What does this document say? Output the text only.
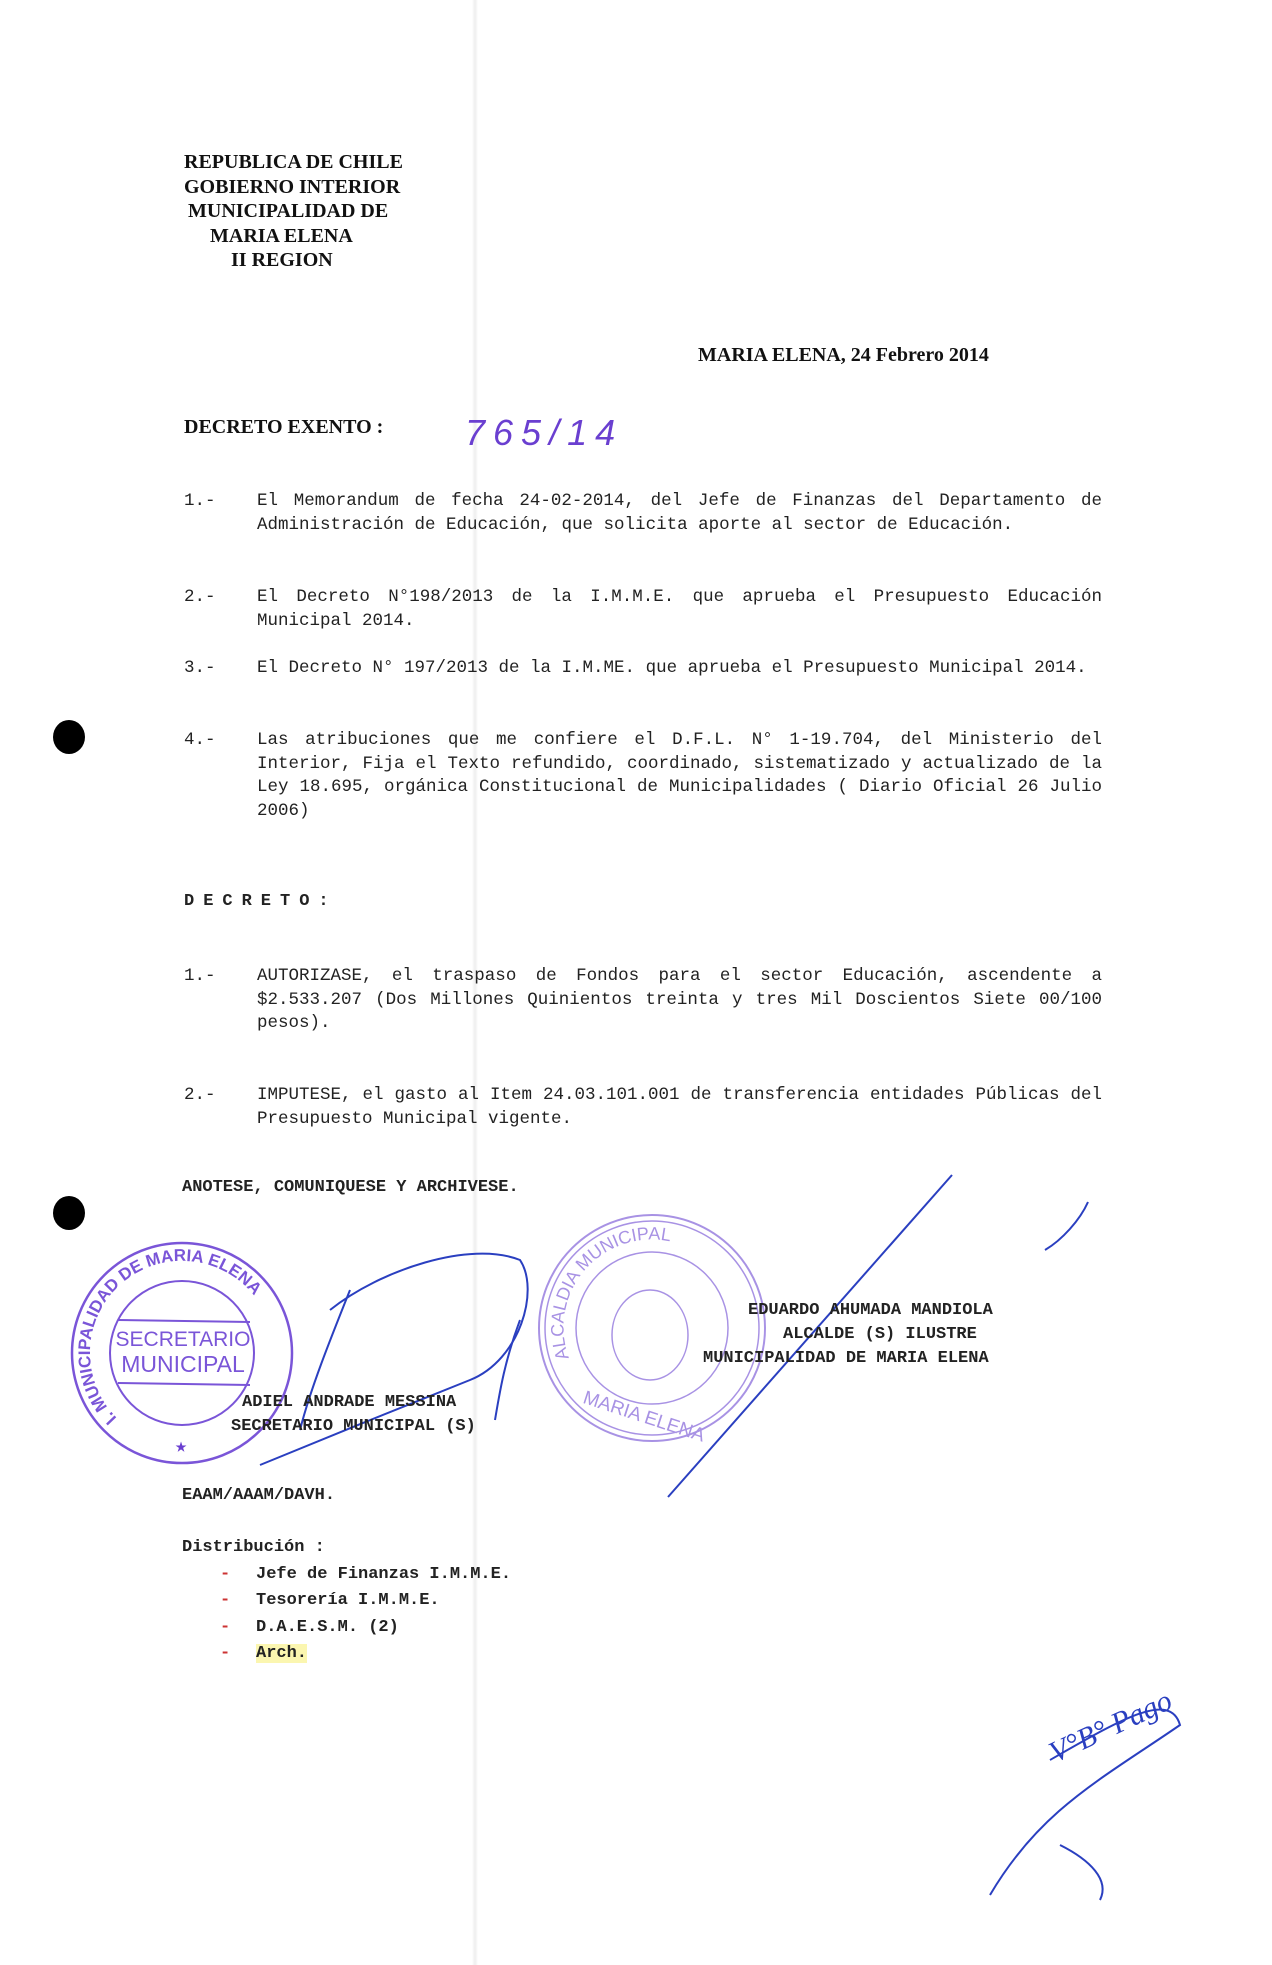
REPUBLICA DE CHILE
GOBIERNO INTERIOR
MUNICIPALIDAD DE
MARIA ELENA
II REGION
MARIA ELENA, 24 Febrero 2014
DECRETO EXENTO : 765/14
1.- El Memorandum de fecha 24-02-2014, del Jefe de Finanzas del Departamento de Administración de Educación, que solicita aporte al sector de Educación.
2.- El Decreto N°198/2013 de la I.M.M.E. que aprueba el Presupuesto Educación Municipal 2014.
3.- El Decreto N° 197/2013 de la I.M.ME. que aprueba el Presupuesto Municipal 2014.
4.- Las atribuciones que me confiere el D.F.L. N° 1-19.704, del Ministerio del Interior, Fija el Texto refundido, coordinado, sistematizado y actualizado de la Ley 18.695, orgánica Constitucional de Municipalidades ( Diario Oficial 26 Julio 2006)
DECRETO:
1.- AUTORIZASE, el traspaso de Fondos para el sector Educación, ascendente a $2.533.207 (Dos Millones Quinientos treinta y tres Mil Doscientos Siete 00/100 pesos).
2.- IMPUTESE, el gasto al Item 24.03.101.001 de transferencia entidades Públicas del Presupuesto Municipal vigente.
ANOTESE, COMUNIQUESE Y ARCHIVESE.
I. MUNICIPALIDAD DE MARIA ELENA
SECRETARIO
MUNICIPAL
★
ALCALDIA MUNICIPAL
MARIA ELENA
V°B° Pago
ADIEL ANDRADE MESSINA
SECRETARIO MUNICIPAL (S)
EDUARDO AHUMADA MANDIOLA
ALCALDE (S) ILUSTRE
MUNICIPALIDAD DE MARIA ELENA
EAAM/AAAM/DAVH.
Distribución :
- Jefe de Finanzas I.M.M.E.
- Tesorería I.M.M.E.
- D.A.E.S.M. (2)
- Arch.
